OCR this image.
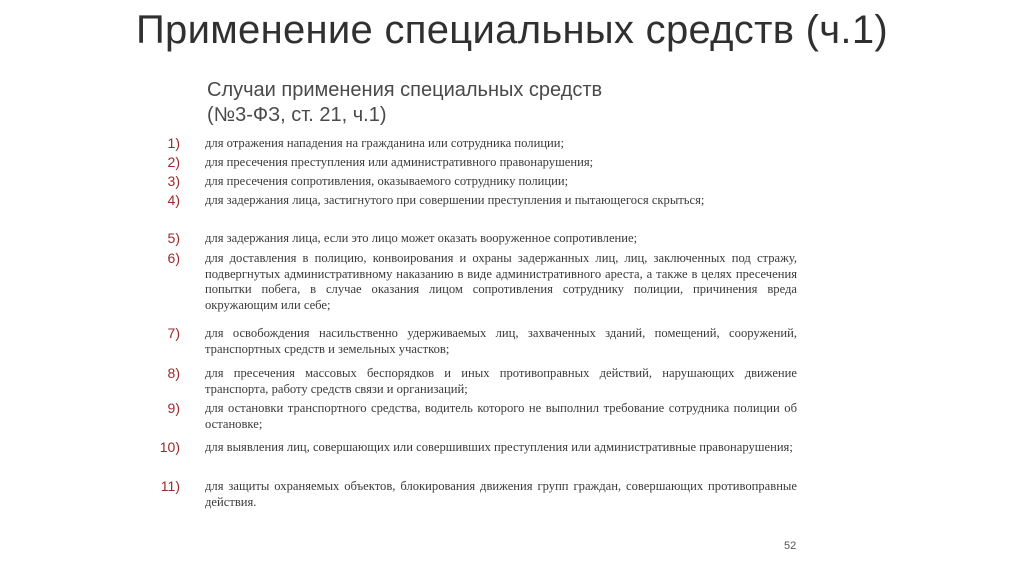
Применение специальных средств (ч.1)
Случаи применения специальных средств
(№3-ФЗ, ст. 21, ч.1)
1) для отражения нападения на гражданина или сотрудника полиции;
2) для пресечения преступления или административного правонарушения;
3) для пресечения сопротивления, оказываемого сотруднику полиции;
4) для задержания лица, застигнутого при совершении преступления и пытающегося скрыться;
5) для задержания лица, если это лицо может оказать вооруженное сопротивление;
6) для доставления в полицию, конвоирования и охраны задержанных лиц, лиц, заключенных под стражу, подвергнутых административному наказанию в виде административного ареста, а также в целях пресечения попытки побега, в случае оказания лицом сопротивления сотруднику полиции, причинения вреда окружающим или себе;
7) для освобождения насильственно удерживаемых лиц, захваченных зданий, помещений, сооружений, транспортных средств и земельных участков;
8) для пресечения массовых беспорядков и иных противоправных действий, нарушающих движение транспорта, работу средств связи и организаций;
9) для остановки транспортного средства, водитель которого не выполнил требование сотрудника полиции об остановке;
10) для выявления лиц, совершающих или совершивших преступления или административные правонарушения;
11) для защиты охраняемых объектов, блокирования движения групп граждан, совершающих противоправные действия.
52
